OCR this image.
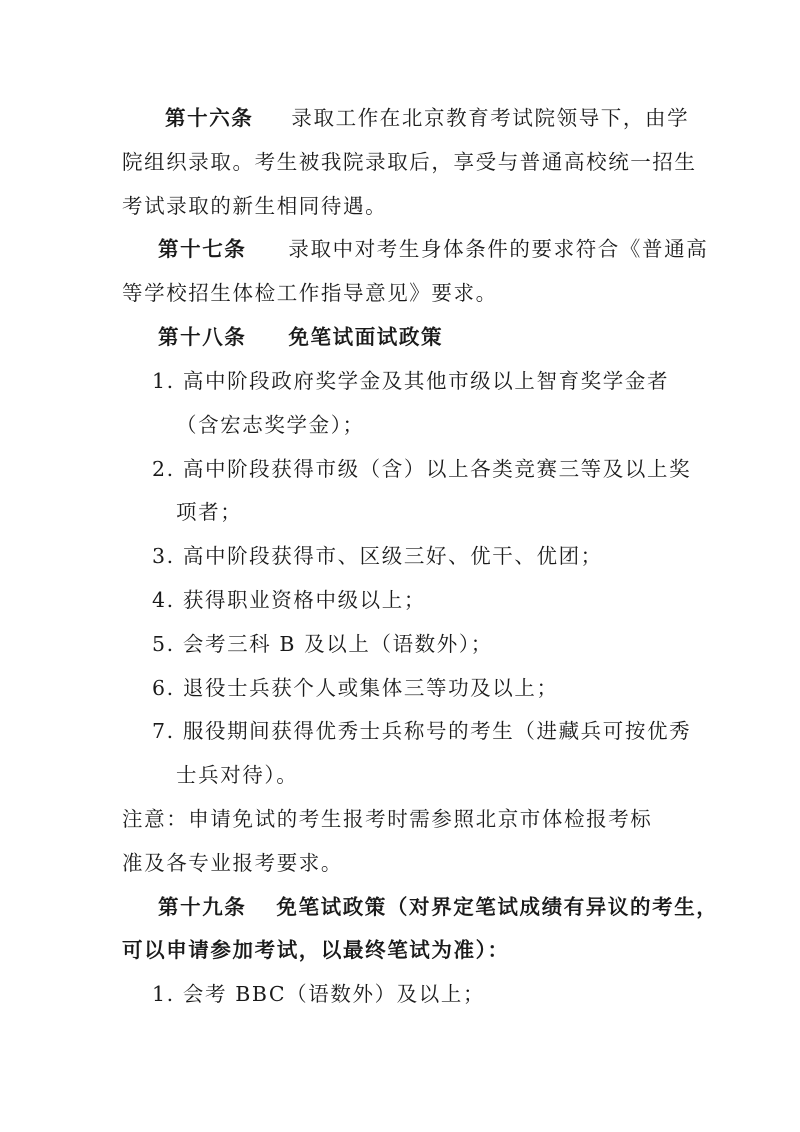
第十六条 录取工作在北京教育考试院领导下，由学
院组织录取。考生被我院录取后，享受与普通高校统一招生
考试录取的新生相同待遇。
第十七条 录取中对考生身体条件的要求符合《普通高
等学校招生体检工作指导意见》要求。
第十八条 免笔试面试政策
1. 高中阶段政府奖学金及其他市级以上智育奖学金者
（含宏志奖学金）；
2. 高中阶段获得市级（含）以上各类竞赛三等及以上奖
项者；
3. 高中阶段获得市、区级三好、优干、优团；
4. 获得职业资格中级以上；
5. 会考三科 B 及以上（语数外）；
6. 退役士兵获个人或集体三等功及以上；
7. 服役期间获得优秀士兵称号的考生（进藏兵可按优秀
士兵对待）。
注意：申请免试的考生报考时需参照北京市体检报考标
准及各专业报考要求。
第十九条 免笔试政策（对界定笔试成绩有异议的考生，
可以申请参加考试，以最终笔试为准）：
1. 会考 BBC（语数外）及以上；
